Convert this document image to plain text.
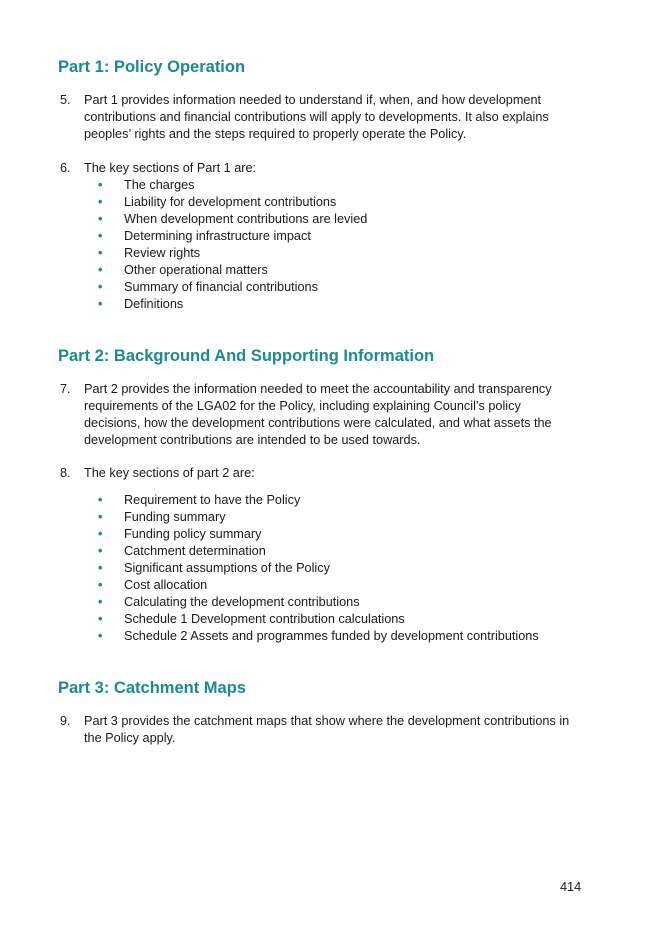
Part 1: Policy Operation
5. Part 1 provides information needed to understand if, when, and how development contributions and financial contributions will apply to developments. It also explains peoples’ rights and the steps required to properly operate the Policy.
6. The key sections of Part 1 are:
• The charges
• Liability for development contributions
• When development contributions are levied
• Determining infrastructure impact
• Review rights
• Other operational matters
• Summary of financial contributions
• Definitions
Part 2: Background And Supporting Information
7. Part 2 provides the information needed to meet the accountability and transparency requirements of the LGA02 for the Policy, including explaining Council’s policy decisions, how the development contributions were calculated, and what assets the development contributions are intended to be used towards.
8. The key sections of part 2 are:
• Requirement to have the Policy
• Funding summary
• Funding policy summary
• Catchment determination
• Significant assumptions of the Policy
• Cost allocation
• Calculating the development contributions
• Schedule 1 Development contribution calculations
• Schedule 2 Assets and programmes funded by development contributions
Part 3: Catchment Maps
9. Part 3 provides the catchment maps that show where the development contributions in the Policy apply.
414
